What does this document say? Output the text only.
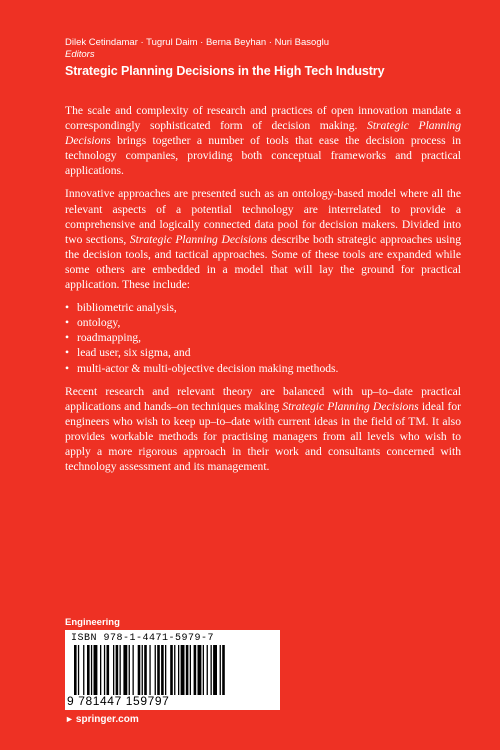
Dilek Cetindamar · Tugrul Daim · Berna Beyhan · Nuri Basoglu
Editors
Strategic Planning Decisions in the High Tech Industry

The scale and complexity of research and practices of open innovation mandate a correspondingly sophisticated form of decision making. Strategic Planning Decisions brings together a number of tools that ease the decision process in technology companies, providing both conceptual frameworks and practical applications.

Innovative approaches are presented such as an ontology-based model where all the relevant aspects of a potential technology are interrelated to provide a comprehensive and logically connected data pool for decision makers. Divided into two sections, Strategic Planning Decisions describe both strategic approaches using the decision tools, and tactical approaches. Some of these tools are expanded while some others are embedded in a model that will lay the ground for practical application. These include:

• bibliometric analysis,
• ontology,
• roadmapping,
• lead user, six sigma, and
• multi-actor & multi-objective decision making methods.

Recent research and relevant theory are balanced with up–to–date practical applications and hands–on techniques making Strategic Planning Decisions ideal for engineers who wish to keep up–to–date with current ideas in the field of TM. It also provides workable methods for practising managers from all levels who wish to apply a more rigorous approach in their work and consultants concerned with technology assessment and its management.

Engineering
ISBN 978-1-4471-5979-7
9 781447 159797
► springer.com
